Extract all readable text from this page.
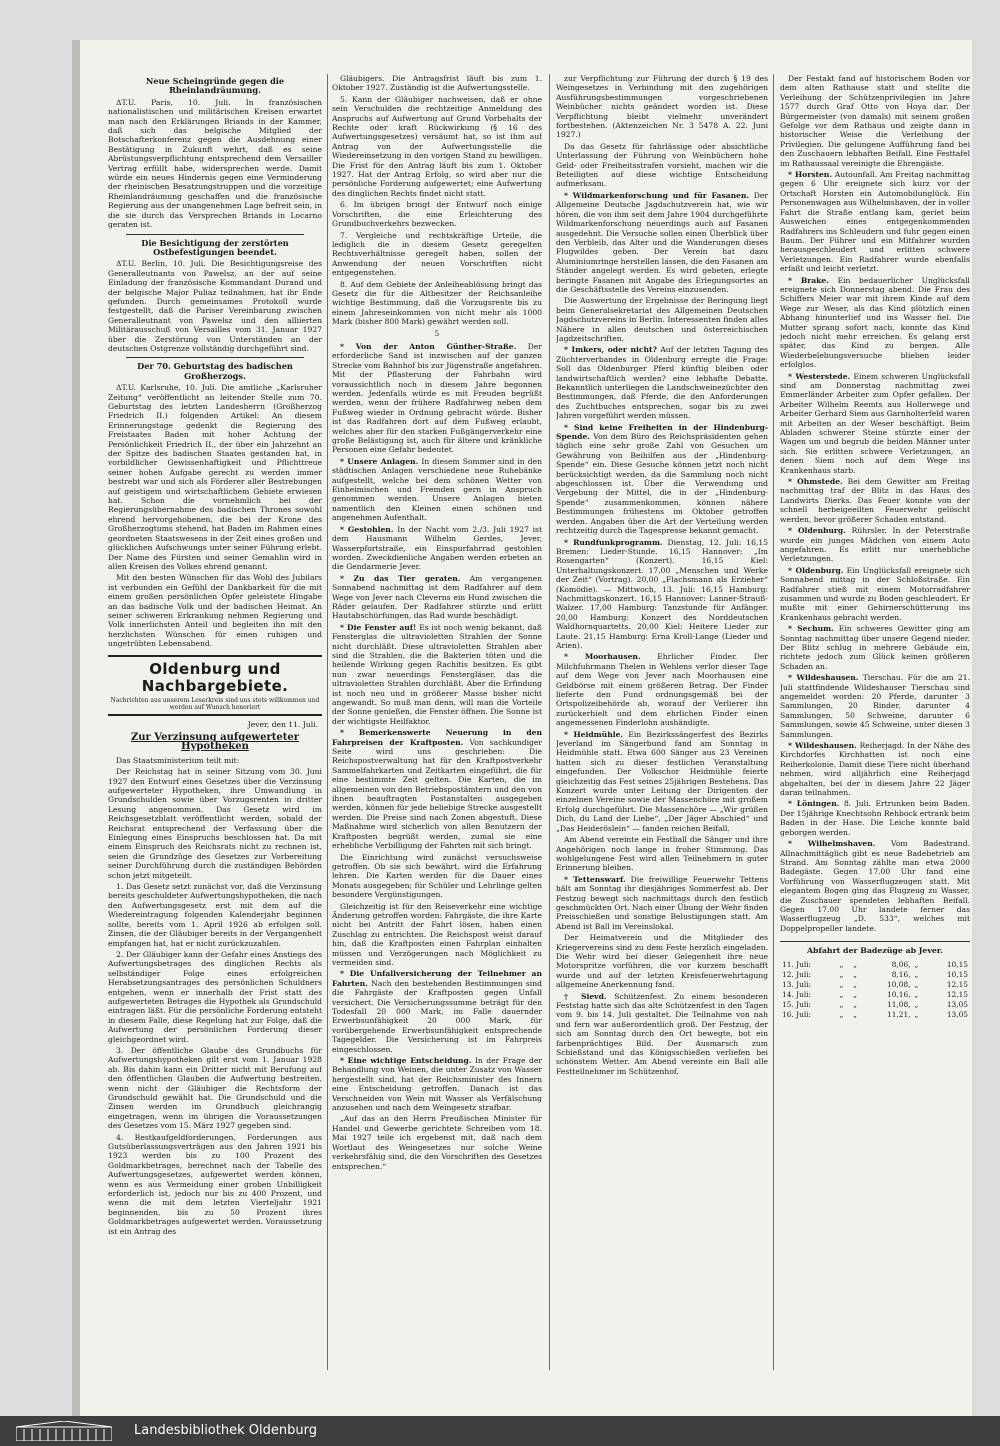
Neue Scheingründe gegen die Rheinlandräumung.

ΔT.U. Paris, 10. Juli. In französischen nationalistischen und militärischen Kreisen erwartet man nach den Erklärungen Briands in der Kammer, daß sich das belgische Mitglied der Botschafterkonferenz gegen die Ausdehnung einer Bestätigung in Zukunft wehrt, daß es seine Abrüstungsverpflichtung entsprechend dem Versailler Vertrag erfüllt habe, widersprechen werde. Damit würde ein neues Hindernis gegen eine Verminderung der rheinischen Besatzungstruppen und die vorzeitige Rheinlandräumung geschaffen und die französische Regierung aus der unangenehmen Lage befreit sein, in die sie durch das Versprechen Briands in Locarno geraten ist.

Die Besichtigung der zerstörten Ostbefestigungen beendet.

ΔT.U. Berlin, 10. Juli. Die Besichtigungsreise des Generalleutnants von Pawelsz, an der auf seine Einladung der französische Kommandant Durand und der belgische Major Puliaz teilnahmen, hat ihr Ende gefunden. Durch gemeinsames Protokoll wurde festgestellt, daß die Pariser Vereinbarung zwischen Generalleutnant von Pawelsz und den alliierten Militärausschuß von Versailles vom 31. Januar 1927 über die Zerstörung von Unterständen an der deutschen Ostgrenze vollständig durchgeführt sind.

Der 70. Geburtstag des badischen Großherzogs.

ΔT.U. Karlsruhe, 10. Juli. Die amtliche „Karlsruher Zeitung“ veröffentlicht an leitender Stelle zum 70. Geburtstag des letzten Landesherrn (Großherzog Friedrich II.) folgenden Artikel: An diesem Erinnerungstage gedenkt die Regierung des Freistaates Baden mit hoher Achtung der Persönlichkeit Friedrich II., der über ein Jahrzehnt an der Spitze des badischen Staates gestanden hat, in vorbildlicher Gewissenhaftigkeit und Pflichttreue seiner hohen Aufgabe gerecht zu werden immer bestrebt war und sich als Förderer aller Bestrebungen auf geistigem und wirtschaftlichem Gebiete erwiesen hat. Schon die vornehmlich bei der Regierungsübernahme des badischen Thrones sowohl ehrend hervorgehobenen, die bei der Krone des Großherzogtums stehend, hat Baden im Rahmen eines geordneten Staatswesens in der Zeit eines großen und glücklichen Aufschwungs unter seiner Führung erlebt. Der Name des Fürsten und seiner Gemahlin wird in allen Kreisen des Volkes ehrend genannt.

Mit den besten Wünschen für das Wohl des Jubilars ist verbunden ein Gefühl der Dankbarkeit für die mit einem großen persönlichen Opfer geleistete Hingabe an das badische Volk und der badischen Heimat. An seiner schweren Erkrankung nehmen Regierung und Volk innerlichsten Anteil und begleiten ihn mit den herzlichsten Wünschen für einen ruhigen und ungetrübten Lebensabend.

Oldenburg und Nachbargebiete.
Nachrichten aus unserem Leserkreis sind uns stets willkommen und werden auf Wunsch honoriert
Jever, den 11. Juli.
Zur Verzinsung aufgewerteter Hypotheken

Das Staatsministerium teilt mit:

Der Reichstag hat in seiner Sitzung vom 30. Juni 1927 den Entwurf eines Gesetzes über die Verzinsung aufgewerteter Hypotheken, ihre Umwandlung in Grundschulden sowie über Vorzugsrenten in dritter Lesung angenommen. Das Gesetz wird im Reichsgesetzblatt veröffentlicht werden, sobald der Reichsrat entsprechend der Verfassung über die Einlegung eines Einspruchs beschlossen hat. Da mit einem Einspruch des Reichsrats nicht zu rechnen ist, seien die Grundzüge des Gesetzes zur Vorbereitung seiner Durchführung durch die zuständigen Behörden schon jetzt mitgeteilt.

1. Das Gesetz setzt zunächst vor, daß die Verzinsung bereits geschuldeter Aufwertungshypotheken, die nach den Aufwertungsgesetz erst mit dem auf die Wiedereintragung folgenden Kalenderjahr beginnen sollte, bereits vom 1. April 1926 ab erfolgen soll. Zinsen, die der Gläubiger bereits in der Vergangenheit empfangen hat, hat er nicht zurückzuzahlen.

2. Der Gläubiger kann der Gefahr eines Anstiegs des Aufwertungsbetrages des dinglichen Rechts als selbständiger Folge eines erfolgreichen Herabsetzungsantrages des persönlichen Schuldners entgehen, wenn er innerhalb der Frist statt des aufgewerteten Betrages die Hypothek als Grundschuld eintragen läßt. Für die persönliche Forderung entsteht in diesem Falle, diese Regelung hat zur Folge, daß die Aufwertung der persönlichen Forderung dieser gleichgeordnet wird.

3. Der öffentliche Glaube des Grundbuchs für Aufwertungshypotheken gilt erst vom 1. Januar 1928 ab. Bis dahin kann ein Dritter nicht mit Berufung auf den öffentlichen Glauben die Aufwertung bestreiten, wenn nicht der Gläubiger die Rechtsform der Grundschuld gewählt hat. Die Grundschuld und die Zinsen werden im Grundbuch gleichrangig eingetragen, wenn im übrigen die Voraussetzungen des Gesetzes vom 15. März 1927 gegeben sind.

4. Restkaufgeldforderungen, Forderungen aus Gutsüberlassungsverträgen aus den Jahren 1921 bis 1923 werden bis zu 100 Prozent des Goldmarkbetrages, berechnet nach der Tabelle des Aufwertungsgesetzes, aufgewertet werden können, wenn es aus Vermeidung einer groben Unbilligkeit erforderlich ist, jedoch nur bis zu 400 Prozent, und wenn die mit dem letzten Vierteljahr 1921 beginnenden, bis zu 50 Prozent ihres Goldmarkbetrages aufgewertet werden. Voraussetzung ist ein Antrag des

Gläubigers. Die Antragsfrist läuft bis zum 1. Oktober 1927. Zuständig ist die Aufwertungsstelle.

5. Kann der Gläubiger nachweisen, daß er ohne sein Verschulden die rechtzeitige Anmeldung des Anspruchs auf Aufwertung auf Grund Vorbehalts der Rechte oder kraft Rückwirkung (§ 16 des Aufwertungsgesetzes) versäumt hat, so ist ihm auf Antrag von der Aufwertungsstelle die Wiedereinsetzung in den vorigen Stand zu bewilligen. Die Frist für den Antrag läuft bis zum 1. Oktober 1927. Hat der Antrag Erfolg, so wird aber nur die persönliche Forderung aufgewertet; eine Aufwertung des dinglichen Rechts findet nicht statt.

6. Im übrigen bringt der Entwurf noch einige Vorschriften, die eine Erleichterung des Grundbuchverkehrs bezwecken.

7. Vergleiche und rechtskräftige Urteile, die lediglich die in diesem Gesetz geregelten Rechtsverhältnisse geregelt haben, sollen der Anwendung der neuen Vorschriften nicht entgegenstehen.

8. Auf dem Gebiete der Anleiheablösung bringt das Gesetz die für die Altbesitzer der Reichsanleihe wichtige Bestimmung, daß die Vorzugsrente bis zu einem Jahreseinkommen von nicht mehr als 1000 Mark (bisher 800 Mark) gewährt werden soll.

5

* Von der Anton Günther-Straße. Der erforderliche Sand ist inzwischen auf der ganzen Strecke vom Bahnhof bis zur Jügenstraße angefahren. Mit der Pflasterung der Fahrbahn wird voraussichtlich noch in diesem Jahre begonnen werden. Jedenfalls würde es mit Freuden begrüßt werden, wenn der frühere Radfahrweg neben dem Fußweg wieder in Ordnung gebracht würde. Bisher ist das Radfahren dort auf dem Fußweg erlaubt, welches aber für den starken Fußgängerverkehr eine große Belästigung ist, auch für ältere und kränkliche Personen eine Gefahr bedeutet.

* Unsere Anlagen. In diesem Sommer sind in den städtischen Anlagen verschiedene neue Ruhebänke aufgestellt, welche bei dem schönen Wetter von Einheimischen und Fremden gern in Anspruch genommen werden. Unsere Anlagen bieten namentlich den Kleinen einen schönen und angenehmen Aufenthalt.

* Gestohlen. In der Nacht vom 2./3. Juli 1927 ist dem Hausmann Wilhelm Gerdes, Jever, Wasserpfortstraße, ein Einspurfahrrad gestohlen worden. Zweckdienliche Angaben werden erbeten an die Gendarmerie Jever.

* Zu das Tier geraten. Am vergangenen Sonnabend nachmittag ist dem Radfahrer auf dem Wege von Jever nach Cleverns ein Hund zwischen die Räder gelaufen. Der Radfahrer stürzte und erlitt Hautabschürfungen, das Rad wurde beschädigt.

* Die Fenster auf! Es ist noch wenig bekannt, daß Fensterglas die ultravioletten Strahlen der Sonne nicht durchläßt. Diese ultravioletten Strahlen aber sind die Strahlen, die die Bakterien töten und die heilende Wirkung gegen Rachitis besitzen. Es gibt nun zwar neuerdings Fenstergläser, das die ultravioletten Strahlen durchläßt. Aber die Erfindung ist noch neu und in größerer Masse bisher nicht angewandt. So muß man denn, will man die Vorteile der Sonne genießen, die Fenster öffnen. Die Sonne ist der wichtigste Heilfaktor.

* Bemerkenswerte Neuerung in den Fahrpreisen der Kraftposten. Von sachkundiger Seite wird uns geschrieben: Die Reichspostverwaltung hat für den Kraftpostverkehr Sammelfahrkarten und Zeitkarten eingeführt, die für eine bestimmte Zeit gelten. Die Karten, die im allgemeinen von den Betriebspostämtern und den von ihnen beauftragten Postanstalten ausgegeben werden, können für jede beliebige Strecke ausgestellt werden. Die Preise sind nach Zonen abgestuft. Diese Maßnahme wird sicherlich von allen Benutzern der Kraftposten begrüßt werden, zumal sie eine erhebliche Verbilligung der Fahrten mit sich bringt.

Die Einrichtung wird zunächst versuchsweise getroffen. Ob sie sich bewährt, wird die Erfahrung lehren. Die Karten werden für die Dauer eines Monats ausgegeben; für Schüler und Lehrlinge gelten besondere Vergünstigungen.

Gleichzeitig ist für den Reiseverkehr eine wichtige Änderung getroffen worden: Fahrgäste, die ihre Karte nicht bei Antritt der Fahrt lösen, haben einen Zuschlag zu entrichten. Die Reichspost weist darauf hin, daß die Kraftposten einen Fahrplan einhalten müssen und Verzögerungen nach Möglichkeit zu vermeiden sind.

* Die Unfallversicherung der Teilnehmer an Fahrten. Nach den bestehenden Bestimmungen sind die Fahrgäste der Kraftposten gegen Unfall versichert. Die Versicherungssumme beträgt für den Todesfall 20 000 Mark, im Falle dauernder Erwerbsunfähigkeit 20 000 Mark, für vorübergehende Erwerbsunfähigkeit entsprechende Tagegelder. Die Versicherung ist im Fahrpreis eingeschlossen.

* Eine wichtige Entscheidung. In der Frage der Behandlung von Weinen, die unter Zusatz von Wasser hergestellt sind, hat der Reichsminister des Innern eine Entscheidung getroffen. Danach ist das Verschneiden von Wein mit Wasser als Verfälschung anzusehen und nach dem Weingesetz strafbar.

„Auf das an den Herrn Preußischen Minister für Handel und Gewerbe gerichtete Schreiben vom 18. Mai 1927 teile ich ergebenst mit, daß nach dem Wortlaut des Weingesetzes nur solche Weine verkehrsfähig sind, die den Vorschriften des Gesetzes entsprechen.“

zur Verpflichtung zur Führung der durch § 19 des Weingesetzes in Verbindung mit den zugehörigen Ausführungsbestimmungen vorgeschriebenen Weinbücher nichts geändert worden ist. Diese Verpflichtung bleibt vielmehr unverändert fortbestehen. (Aktenzeichen Nr. 3 5478 A. 22. Juni 1927.)

Da das Gesetz für fahrlässige oder absichtliche Unterlassung der Führung von Weinbüchern hohe Geld- oder Freiheitsstrafen vorsieht, machen wir die Beteiligten auf diese wichtige Entscheidung aufmerksam.

* Wildmarkenforschung und für Fasanen. Der Allgemeine Deutsche Jagdschutzverein hat, wie wir hören, die von ihm seit dem Jahre 1904 durchgeführte Wildmarkenforschung neuerdings auch auf Fasanen ausgedehnt. Die Versuche sollen einen Überblick über den Verbleib, das Alter und die Wanderungen dieses Flugwildes geben. Der Verein hat dazu Aluminiumringe herstellen lassen, die den Fasanen am Ständer angelegt werden. Es wird gebeten, erlegte beringte Fasanen mit Angabe des Erlegungsortes an die Geschäftsstelle des Vereins einzusenden.

Die Auswertung der Ergebnisse der Beringung liegt beim Generalsekretariat des Allgemeinen Deutschen Jagdschutzvereins in Berlin. Interessenten finden alles Nähere in allen deutschen und österreichischen Jagdzeitschriften.

* Imkers, oder nicht? Auf der letzten Tagung des Züchterverbandes in Oldenburg erregte die Frage: Soll das Oldenburger Pferd künftig bleiben oder landwirtschaftlich werden? eine lebhafte Debatte. Bekanntlich unterliegen die Landschweinezüchter den Bestimmungen, daß Pferde, die den Anforderungen des Zuchtbuches entsprechen, sogar bis zu zwei Jahren vorgeführt werden müssen.

* Sind keine Freiheiten in der Hindenburg-Spende. Von dem Büro des Reichspräsidenten gehen täglich eine sehr große Zahl von Gesuchen um Gewährung von Beihilfen aus der „Hindenburg-Spende“ ein. Diese Gesuche können jetzt noch nicht berücksichtigt werden, da die Sammlung noch nicht abgeschlossen ist. Über die Verwendung und Vergebung der Mittel, die in der „Hindenburg-Spende“ zusammenkommen, können nähere Bestimmungen frühestens im Oktober getroffen werden. Angaben über die Art der Verteilung werden rechtzeitig durch die Tagespresse bekannt gemacht.

* Rundfunkprogramm. Dienstag, 12. Juli: 16,15 Bremen: Lieder-Stunde. 16,15 Hannover: „Im Rosengarten“ (Konzert). 16,15 Kiel: Unterhaltungskonzert. 17,00 „Menschen und Werke der Zeit“ (Vortrag). 20,00 „Flachsmann als Erzieher“ (Komödie). — Mittwoch, 13. Juli: 16,15 Hamburg: Nachmittagskonzert. 16,15 Hannover: Lanner-Strauß-Walzer. 17,00 Hamburg: Tanzstunde für Anfänger. 20,00 Hamburg: Konzert des Norddeutschen Waldhornquartetts. 20,00 Kiel: Heitere Lieder zur Laute. 21,15 Hamburg: Erna Kroll-Lange (Lieder und Arien).

* Moorhausen. Ehrlicher Finder. Der Milchfuhrmann Thelen in Wehlens verlor dieser Tage auf dem Wege von Jever nach Moorhausen eine Geldbörse mit einem größeren Betrag. Der Finder lieferte den Fund ordnungsgemäß bei der Ortspolizeibehörde ab, worauf der Verlierer ihn zurückerhielt und dem ehrlichen Finder einen angemessenen Finderlohn aushändigte.

* Heidmühle. Ein Bezirkssängerfest des Bezirks Jeverland im Sängerbund fand am Sonntag in Heidmühle statt. Etwa 600 Sänger aus 23 Vereinen hatten sich zu dieser festlichen Veranstaltung eingefunden. Der Volkschor Heidmühle feierte gleichzeitig das Fest seines 25jährigen Bestehens. Das Konzert wurde unter Leitung der Dirigenten der einzelnen Vereine sowie der Massenchöre mit großem Erfolg durchgeführt. Die Massenchöre — „Wir grüßen Dich, du Land der Liebe“, „Der Jäger Abschied“ und „Das Heideröslein“ — fanden reichen Beifall.

Am Abend vereinte ein Festball die Sänger und ihre Angehörigen noch lange in froher Stimmung. Das wohlgelungene Fest wird allen Teilnehmern in guter Erinnerung bleiben.

* Tettenswarf. Die freiwillige Feuerwehr Tettens hält am Sonntag ihr diesjähriges Sommerfest ab. Der Festzug bewegt sich nachmittags durch den festlich geschmückten Ort. Nach einer Übung der Wehr finden Preisschießen und sonstige Belustigungen statt. Am Abend ist Ball im Vereinslokal.

Der Heimatverein und die Mitglieder des Kriegervereins sind zu dem Feste herzlich eingeladen. Die Wehr wird bei dieser Gelegenheit ihre neue Motorspritze vorführen, die vor kurzem beschafft wurde und auf der letzten Kreisfeuerwehrtagung allgemeine Anerkennung fand.

† Sievd. Schützenfest. Zu einem besonderen Feststag hatte sich das alte Schützenfest in den Tagen vom 9. bis 14. Juli gestaltet. Die Teilnahme von nah und fern war außerordentlich groß. Der Festzug, der sich am Sonntag durch den Ort bewegte, bot ein farbenprächtiges Bild. Der Ausmarsch zum Schießstand und das Königsschießen verliefen bei schönstem Wetter. Am Abend vereinte ein Ball alle Festteilnehmer im Schützenhof.

Der Festakt fand auf historischem Boden vor dem alten Rathause statt und stellte die Verleihung der Schützenprivilegien im Jahre 1577 durch Graf Otto von Hoya dar. Der Bürgermeister (von damals) mit seinem großen Gefolge vor dem Rathaus und zeigte dann in historischer Weise die Verleihung der Privilegien. Die gelungene Aufführung fand bei den Zuschauern lebhaften Beifall. Eine Festtafel im Rathaussaal vereinigte die Ehrengäste.

* Horsten. Autounfall. Am Freitag nachmittag gegen 6 Uhr ereignete sich kurz vor der Ortschaft Horsten ein Automobilunglück. Ein Personenwagen aus Wilhelmshaven, der in voller Fahrt die Straße entlang kam, geriet beim Ausweichen eines entgegenkommenden Radfahrers ins Schleudern und fuhr gegen einen Baum. Der Führer und ein Mitfahrer wurden herausgeschleudert und erlitten schwere Verletzungen. Ein Radfahrer wurde ebenfalls erfaßt und leicht verletzt.

* Brake. Ein bedauerlicher Unglücksfall ereignete sich Donnerstag abend. Die Frau des Schiffers Meier war mit ihrem Kinde auf dem Wege zur Weser, als das Kind plötzlich einen Abhang hinunterlief und ins Wasser fiel. Die Mutter sprang sofort nach, konnte das Kind jedoch nicht mehr erreichen. Es gelang erst später, das Kind zu bergen. Alle Wiederbelebungsversuche blieben leider erfolglos.

* Westerstede. Einem schweren Unglücksfall sind am Donnerstag nachmittag zwei Emmerländer Arbeiter zum Opfer gefallen. Der Arbeiter Wilhelm Reemts aus Hollerwege und Arbeiter Gerhard Siem aus Garnholterfeld waren mit Arbeiten an der Weser beschäftigt. Beim Abladen schwerer Steine stürzte einer der Wagen um und begrub die beiden Männer unter sich. Sie erlitten schwere Verletzungen, an denen Siem noch auf dem Wege ins Krankenhaus starb.

* Ohmstede. Bei dem Gewitter am Freitag nachmittag traf der Blitz in das Haus des Landwirts Dierks. Das Feuer konnte von der schnell herbeigeeilten Feuerwehr gelöscht werden, bevor größerer Schaden entstand.

* Oldenburg. Rührsler. In der Peterstraße wurde ein junges Mädchen von einem Auto angefahren. Es erlitt nur unerhebliche Verletzungen.

* Oldenburg. Ein Unglücksfall ereignete sich Sonnabend mittag in der Schloßstraße. Ein Radfahrer stieß mit einem Motorradfahrer zusammen und wurde zu Boden geschleudert. Er mußte mit einer Gehirnerschütterung ins Krankenhaus gebracht werden.

* Sechum. Ein schweres Gewitter ging am Sonntag nachmittag über unsere Gegend nieder. Der Blitz schlug in mehrere Gebäude ein, richtete jedoch zum Glück keinen größeren Schaden an.

* Wildeshausen. Tierschau. Für die am 21. Juli stattfindende Wildeshauser Tierschau sind angemeldet worden: 20 Pferde, darunter 3 Sammlungen, 20 Rinder, darunter 4 Sammlungen, 50 Schweine, darunter 6 Sammlungen, sowie 45 Schweine, unter diesen 3 Sammlungen.

* Wildeshausen. Reiherjagd. In der Nähe des Kirchdorfes Kirchhatten ist noch eine Reiherkolonie. Damit diese Tiere nicht überhand nehmen, wird alljährlich eine Reiherjagd abgehalten, bei der in diesem Jahre 22 Jäger daran teilnahmen.

* Löningen. 8. Juli. Ertrunken beim Baden. Der 15jährige Knechtsohn Rehbock ertrank beim Baden in der Hase. Die Leiche konnte bald geborgen werden.

* Wilhelmshaven. Vom Badestrand. Allnachmittäglich gibt es neue Badebetrieb am Strand. Am Sonntag zählte man etwa 2000 Badegäste. Gegen 17.00 Uhr fand eine Vorführung von Wasserflugzeugen statt. Mit elegantem Bogen ging das Flugzeug zu Wasser, die Zuschauer spendeten lebhaften Beifall. Gegen 17.00 Uhr landete ferner das Wasserflugzeug „D. 533“, welches mit Doppelpropeller landete.

Abfahrt der Badezüge ab Jever.
11. Juli:	„	„	8,06,	„	10,15
12. Juli:	„	„	8,16,	„	10,15
13. Juli:	„	„	10,08,	„	12,15
14. Juli:	„	„	10,16,	„	12,15
15. Juli:	„	„	11,08,	„	13,05
16. Juli:	„	„	11,21,	„	13,05
Landesbibliothek Oldenburg
